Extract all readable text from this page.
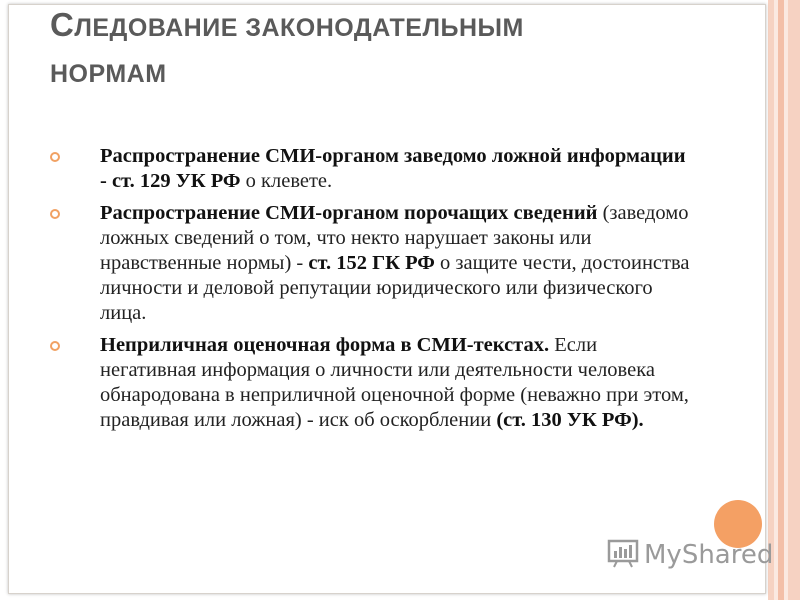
СЛЕДОВАНИЕ ЗАКОНОДАТЕЛЬНЫМ
НОРМАМ
Распространение СМИ-органом заведомо ложной информации - ст. 129 УК РФ о клевете.
Распространение СМИ-органом порочащих сведений (заведомо ложных сведений о том, что некто нарушает законы или нравственные нормы) - ст. 152 ГК РФ о защите чести, достоинства личности и деловой репутации юридического или физического лица.
Неприличная оценочная форма в СМИ-текстах. Если негативная информация о личности или деятельности человека обнародована в неприличной оценочной форме (неважно при этом, правдивая или ложная) - иск об оскорблении (ст. 130 УК РФ).
MyShared
